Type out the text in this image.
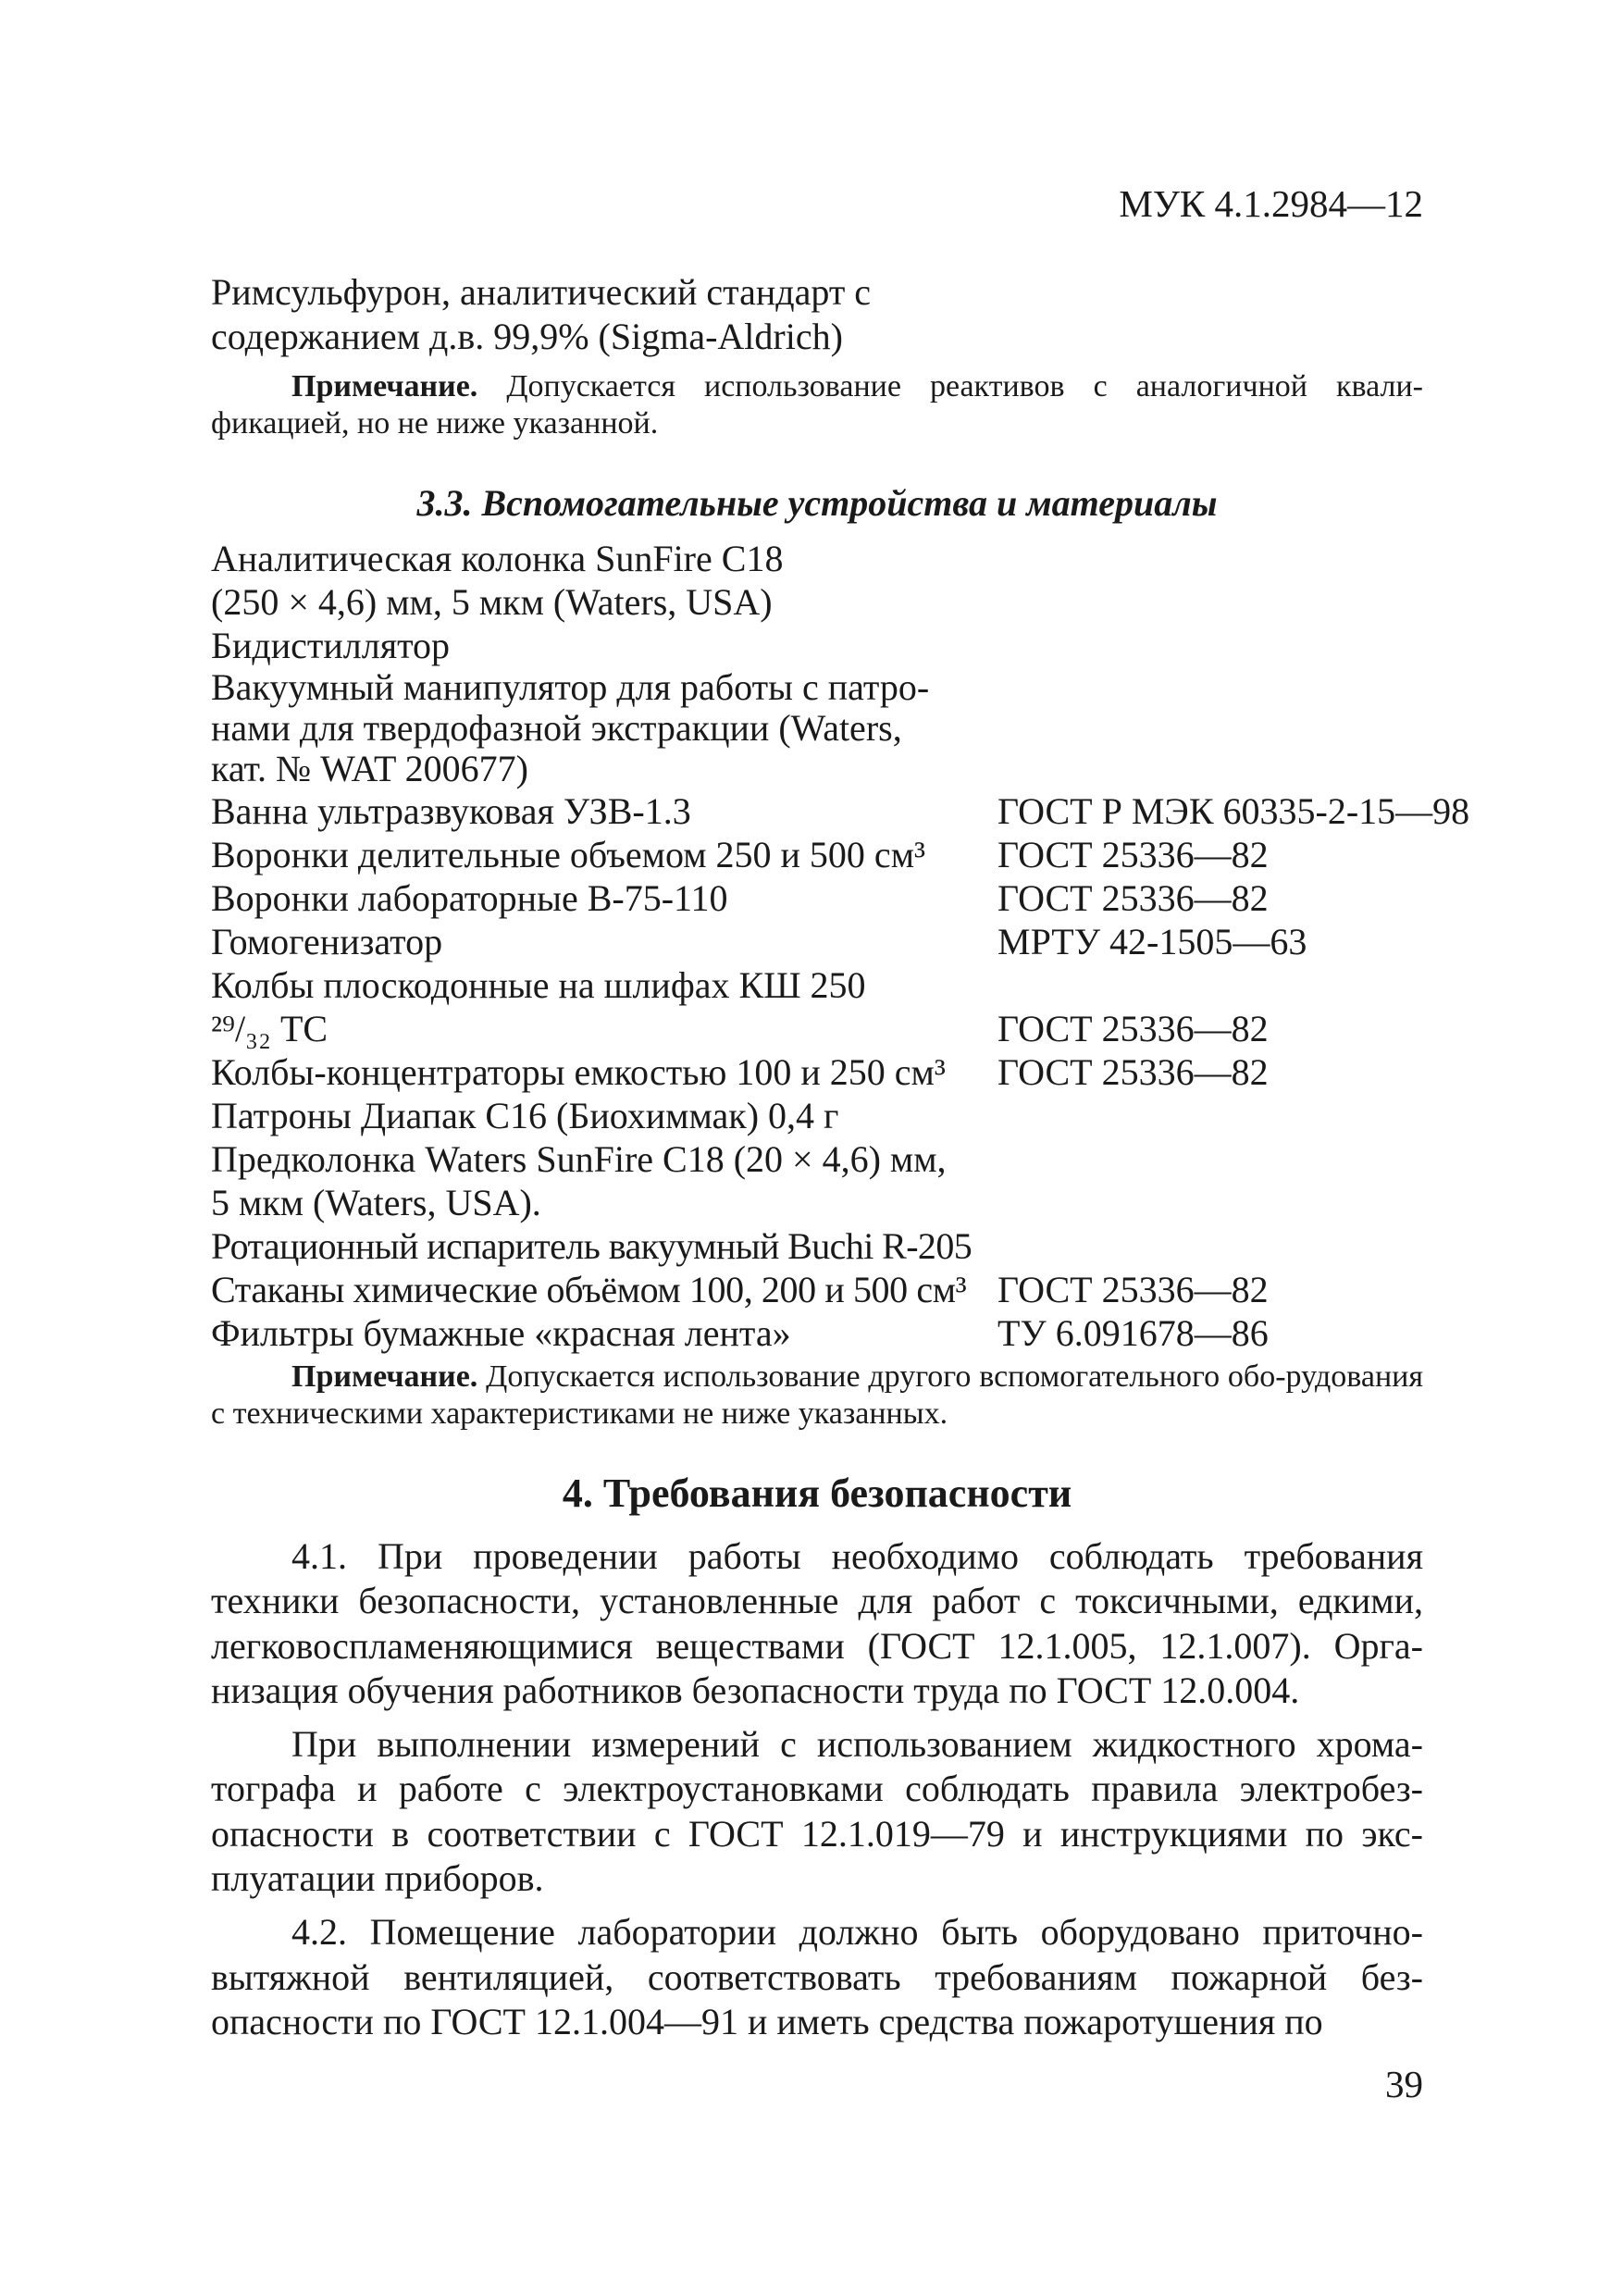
МУК 4.1.2984—12
Римсульфурон, аналитический стандарт с
содержанием д.в. 99,9% (Sigma-Aldrich)
Примечание. Допускается использование реактивов с аналогичной квали-фикацией, но не ниже указанной.
3.3. Вспомогательные устройства и материалы
Аналитическая колонка SunFire C18
(250 × 4,6) мм, 5 мкм (Waters, USA)
Бидистиллятор
Вакуумный манипулятор для работы с патро-
нами для твердофазной экстракции (Waters,
кат. № WAT 200677)
Ванна ультразвуковая УЗВ-1.3	ГОСТ Р МЭК 60335-2-15—98
Воронки делительные объемом 250 и 500 см³	ГОСТ 25336—82
Воронки лабораторные В-75-110	ГОСТ 25336—82
Гомогенизатор	МРТУ 42-1505—63
Колбы плоскодонные на шлифах КШ 250
²⁹/₃₂ ТС	ГОСТ 25336—82
Колбы-концентраторы емкостью 100 и 250 см³	ГОСТ 25336—82
Патроны Диапак С16 (Биохиммак) 0,4 г
Предколонка Waters SunFire C18 (20 × 4,6) мм,
5 мкм (Waters, USA).
Ротационный испаритель вакуумный Buchi R-205
Стаканы химические объёмом 100, 200 и 500 см³ ГОСТ 25336—82
Фильтры бумажные «красная лента»	ТУ 6.091678—86
Примечание. Допускается использование другого вспомогательного обо-рудования с техническими характеристиками не ниже указанных.
4. Требования безопасности

4.1. При проведении работы необходимо соблюдать требования техники безопасности, установленные для работ с токсичными, едкими, легковоспламеняющимися веществами (ГОСТ 12.1.005, 12.1.007). Орга-низация обучения работников безопасности труда по ГОСТ 12.0.004.

При выполнении измерений с использованием жидкостного хрома-тографа и работе с электроустановками соблюдать правила электробез-опасности в соответствии с ГОСТ 12.1.019—79 и инструкциями по экс-плуатации приборов.

4.2. Помещение лаборатории должно быть оборудовано приточно-вытяжной вентиляцией, соответствовать требованиям пожарной без-опасности по ГОСТ 12.1.004—91 и иметь средства пожаротушения по

39
